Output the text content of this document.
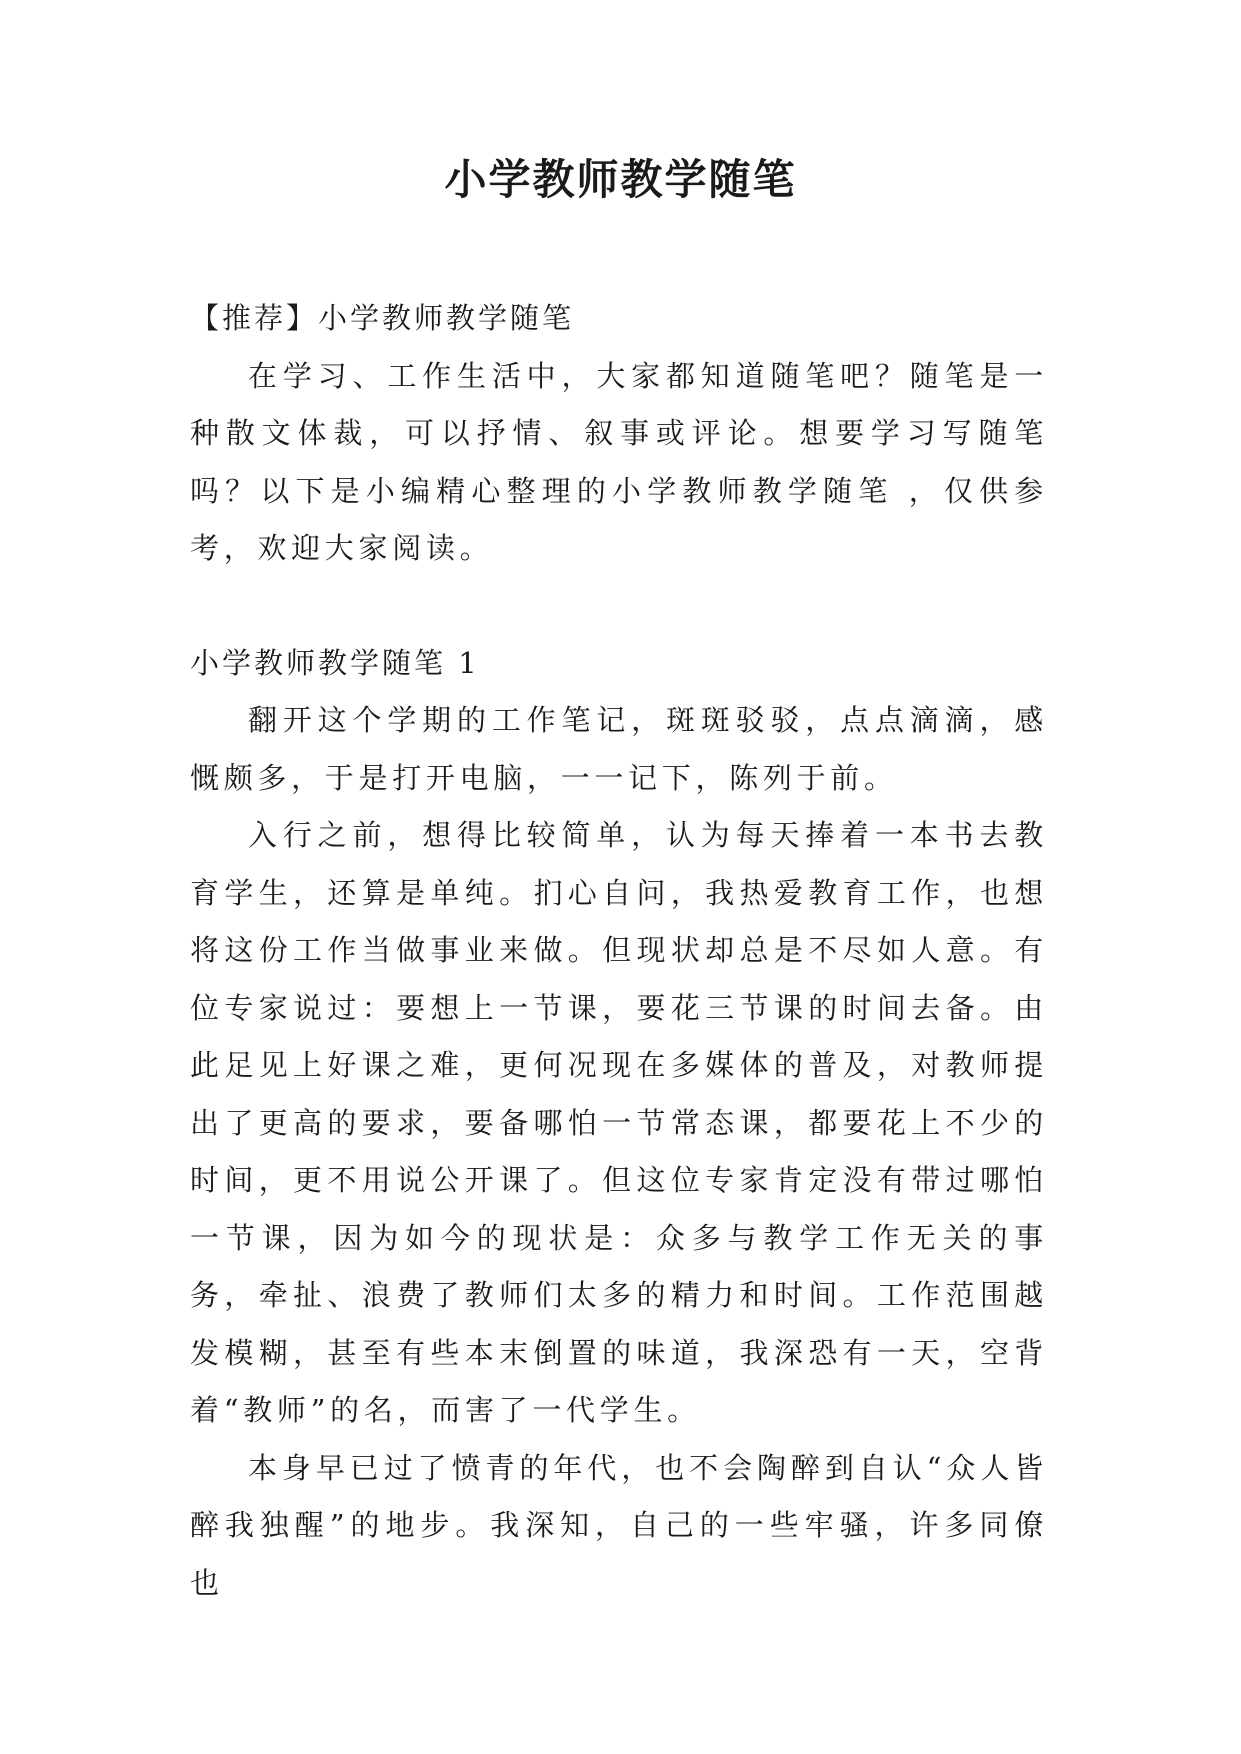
小学教师教学随笔

【推荐】小学教师教学随笔

在学习、工作生活中，大家都知道随笔吧？随笔是一种散文体裁，可以抒情、叙事或评论。想要学习写随笔吗？以下是小编精心整理的小学教师教学随笔 ，仅供参考，欢迎大家阅读。

小学教师教学随笔 1

翻开这个学期的工作笔记，斑斑驳驳，点点滴滴，感慨颇多，于是打开电脑，一一记下，陈列于前。

入行之前，想得比较简单，认为每天捧着一本书去教育学生，还算是单纯。扪心自问，我热爱教育工作，也想将这份工作当做事业来做。但现状却总是不尽如人意。有位专家说过：要想上一节课，要花三节课的时间去备。由此足见上好课之难，更何况现在多媒体的普及，对教师提出了更高的要求，要备哪怕一节常态课，都要花上不少的时间，更不用说公开课了。但这位专家肯定没有带过哪怕一节课，因为如今的现状是：众多与教学工作无关的事务，牵扯、浪费了教师们太多的精力和时间。工作范围越发模糊，甚至有些本末倒置的味道，我深恐有一天，空背着“教师”的名，而害了一代学生。

本身早已过了愤青的年代，也不会陶醉到自认“众人皆醉我独醒”的地步。我深知，自己的一些牢骚，许多同僚也
